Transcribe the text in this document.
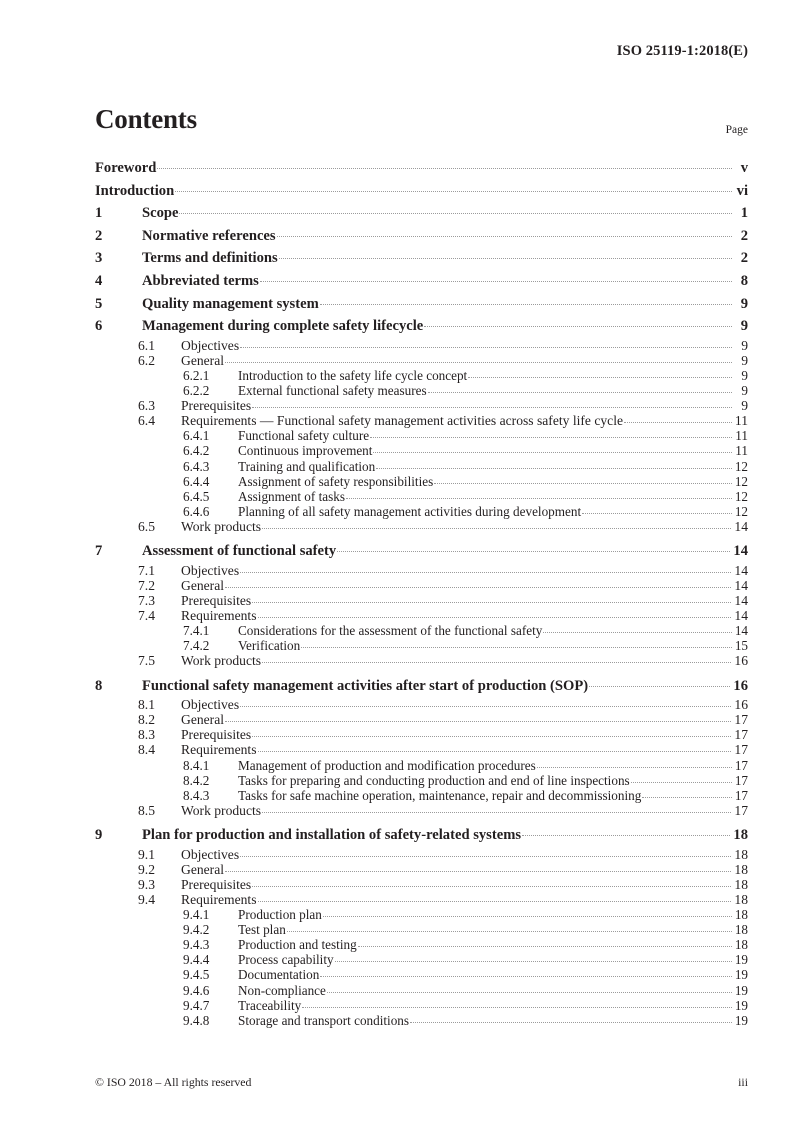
ISO 25119-1:2018(E)
Contents	Page
Foreword	v
Introduction	vi
1	Scope	1
2	Normative references	2
3	Terms and definitions	2
4	Abbreviated terms	8
5	Quality management system	9
6	Management during complete safety lifecycle	9
6.1	Objectives	9
6.2	General	9
6.2.1	Introduction to the safety life cycle concept	9
6.2.2	External functional safety measures	9
6.3	Prerequisites	9
6.4	Requirements — Functional safety management activities across safety life cycle	11
6.4.1	Functional safety culture	11
6.4.2	Continuous improvement	11
6.4.3	Training and qualification	12
6.4.4	Assignment of safety responsibilities	12
6.4.5	Assignment of tasks	12
6.4.6	Planning of all safety management activities during development	12
6.5	Work products	14
7	Assessment of functional safety	14
7.1	Objectives	14
7.2	General	14
7.3	Prerequisites	14
7.4	Requirements	14
7.4.1	Considerations for the assessment of the functional safety	14
7.4.2	Verification	15
7.5	Work products	16
8	Functional safety management activities after start of production (SOP)	16
8.1	Objectives	16
8.2	General	17
8.3	Prerequisites	17
8.4	Requirements	17
8.4.1	Management of production and modification procedures	17
8.4.2	Tasks for preparing and conducting production and end of line inspections	17
8.4.3	Tasks for safe machine operation, maintenance, repair and decommissioning	17
8.5	Work products	17
9	Plan for production and installation of safety-related systems	18
9.1	Objectives	18
9.2	General	18
9.3	Prerequisites	18
9.4	Requirements	18
9.4.1	Production plan	18
9.4.2	Test plan	18
9.4.3	Production and testing	18
9.4.4	Process capability	19
9.4.5	Documentation	19
9.4.6	Non-compliance	19
9.4.7	Traceability	19
9.4.8	Storage and transport conditions	19
© ISO 2018 – All rights reserved	iii
